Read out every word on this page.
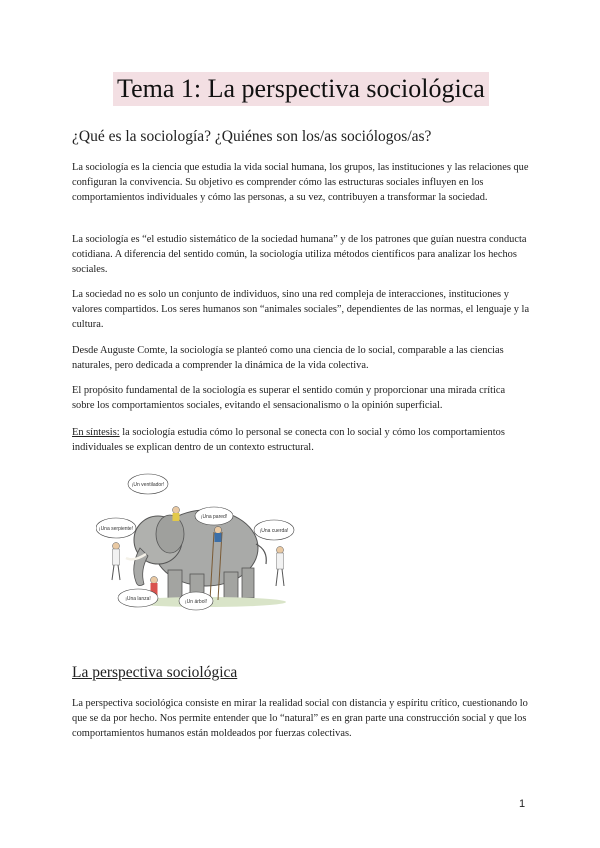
Tema 1: La perspectiva sociológica
¿Qué es la sociología? ¿Quiénes son los/as sociólogos/as?
La sociología es la ciencia que estudia la vida social humana, los grupos, las instituciones y las relaciones que configuran la convivencia. Su objetivo es comprender cómo las estructuras sociales influyen en los comportamientos individuales y cómo las personas, a su vez, contribuyen a transformar la sociedad.
La sociología es “el estudio sistemático de la sociedad humana” y de los patrones que guían nuestra conducta cotidiana. A diferencia del sentido común, la sociología utiliza métodos científicos para analizar los hechos sociales.
La sociedad no es solo un conjunto de individuos, sino una red compleja de interacciones, instituciones y valores compartidos. Los seres humanos son “animales sociales”, dependientes de las normas, el lenguaje y la cultura.
Desde Auguste Comte, la sociología se planteó como una ciencia de lo social, comparable a las ciencias naturales, pero dedicada a comprender la dinámica de la vida colectiva.
El propósito fundamental de la sociología es superar el sentido común y proporcionar una mirada crítica sobre los comportamientos sociales, evitando el sensacionalismo o la opinión superficial.
En síntesis: la sociología estudia cómo lo personal se conecta con lo social y cómo los comportamientos individuales se explican dentro de un contexto estructural.
¡Un ventilador!
¡Una pared!
¡Una serpiente!	¡Una cuerda!
¡Una lanza!	¡Un árbol!
La perspectiva sociológica
La perspectiva sociológica consiste en mirar la realidad social con distancia y espíritu crítico, cuestionando lo que se da por hecho. Nos permite entender que lo “natural” es en gran parte una construcción social y que los comportamientos humanos están moldeados por fuerzas colectivas.
1
